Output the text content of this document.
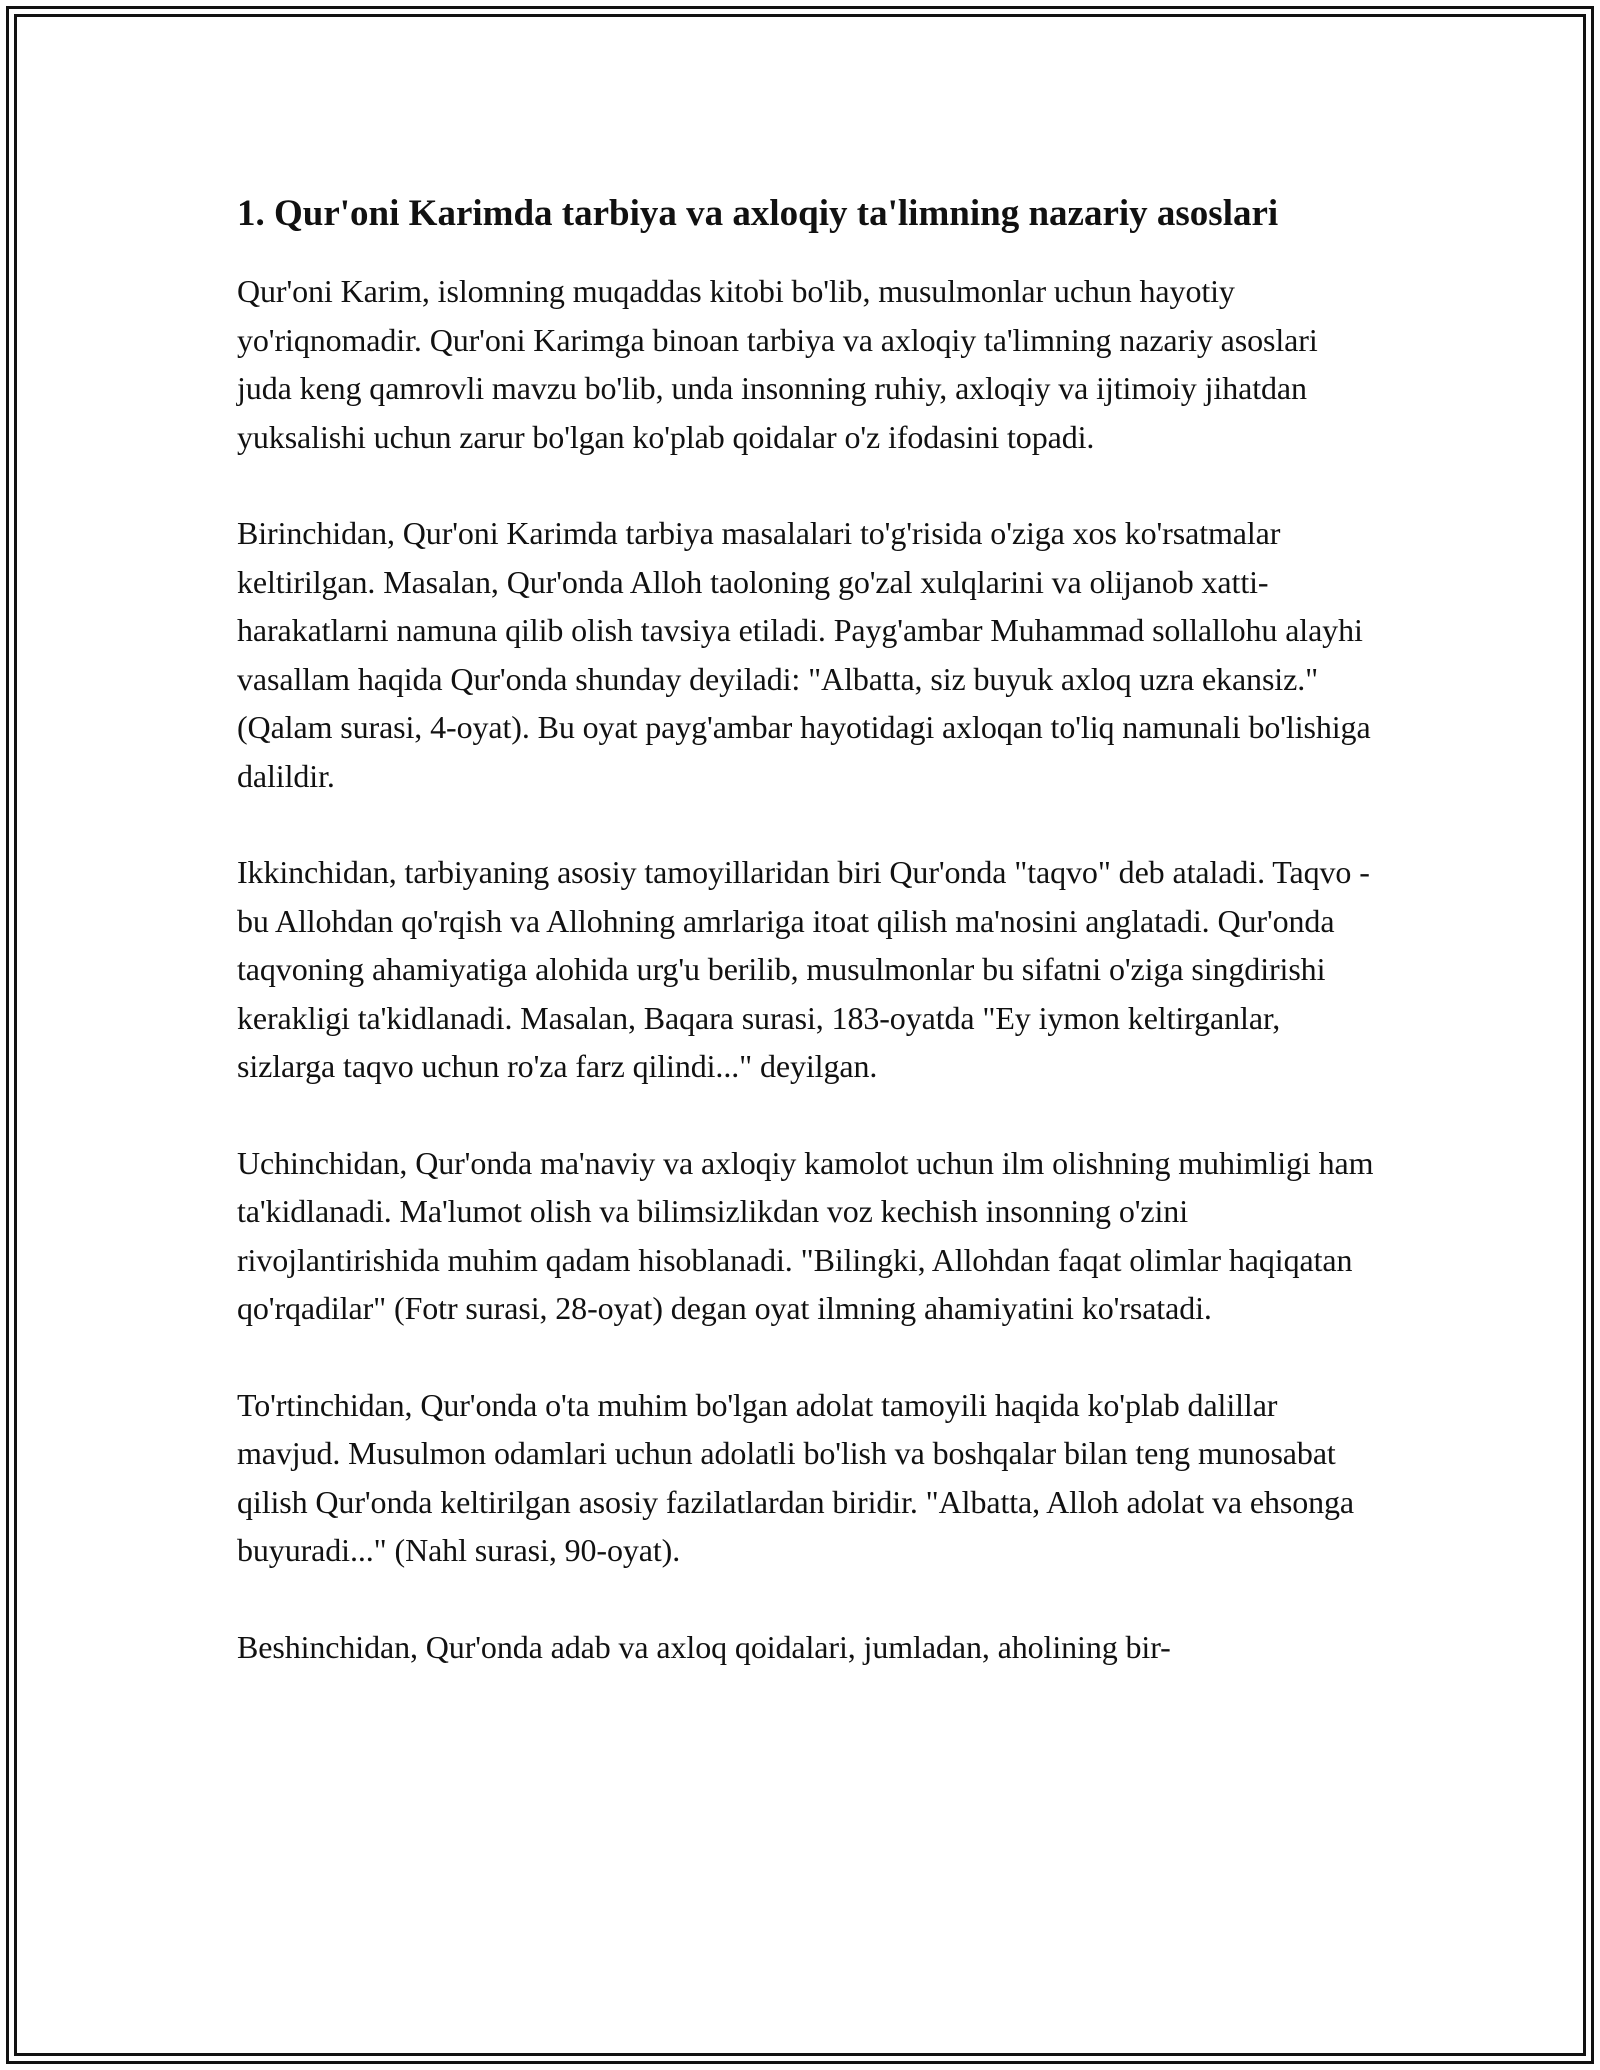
1. Qur'oni Karimda tarbiya va axloqiy ta'limning nazariy asoslari

Qur'oni Karim, islomning muqaddas kitobi bo'lib, musulmonlar uchun hayotiy yo'riqnomadir. Qur'oni Karimga binoan tarbiya va axloqiy ta'limning nazariy asoslari juda keng qamrovli mavzu bo'lib, unda insonning ruhiy, axloqiy va ijtimoiy jihatdan yuksalishi uchun zarur bo'lgan ko'plab qoidalar o'z ifodasini topadi.

Birinchidan, Qur'oni Karimda tarbiya masalalari to'g'risida o'ziga xos ko'rsatmalar keltirilgan. Masalan, Qur'onda Alloh taoloning go'zal xulqlarini va olijanob xatti-harakatlarni namuna qilib olish tavsiya etiladi. Payg'ambar Muhammad sollallohu alayhi vasallam haqida Qur'onda shunday deyiladi: "Albatta, siz buyuk axloq uzra ekansiz." (Qalam surasi, 4-oyat). Bu oyat payg'ambar hayotidagi axloqan to'liq namunali bo'lishiga dalildir.

Ikkinchidan, tarbiyaning asosiy tamoyillaridan biri Qur'onda "taqvo" deb ataladi. Taqvo - bu Allohdan qo'rqish va Allohning amrlariga itoat qilish ma'nosini anglatadi. Qur'onda taqvoning ahamiyatiga alohida urg'u berilib, musulmonlar bu sifatni o'ziga singdirishi kerakligi ta'kidlanadi. Masalan, Baqara surasi, 183-oyatda "Ey iymon keltirganlar, sizlarga taqvo uchun ro'za farz qilindi..." deyilgan.

Uchinchidan, Qur'onda ma'naviy va axloqiy kamolot uchun ilm olishning muhimligi ham ta'kidlanadi. Ma'lumot olish va bilimsizlikdan voz kechish insonning o'zini rivojlantirishida muhim qadam hisoblanadi. "Bilingki, Allohdan faqat olimlar haqiqatan qo'rqadilar" (Fotr surasi, 28-oyat) degan oyat ilmning ahamiyatini ko'rsatadi.

To'rtinchidan, Qur'onda o'ta muhim bo'lgan adolat tamoyili haqida ko'plab dalillar mavjud. Musulmon odamlari uchun adolatli bo'lish va boshqalar bilan teng munosabat qilish Qur'onda keltirilgan asosiy fazilatlardan biridir. "Albatta, Alloh adolat va ehsonga buyuradi..." (Nahl surasi, 90-oyat).

Beshinchidan, Qur'onda adab va axloq qoidalari, jumladan, aholining bir-
